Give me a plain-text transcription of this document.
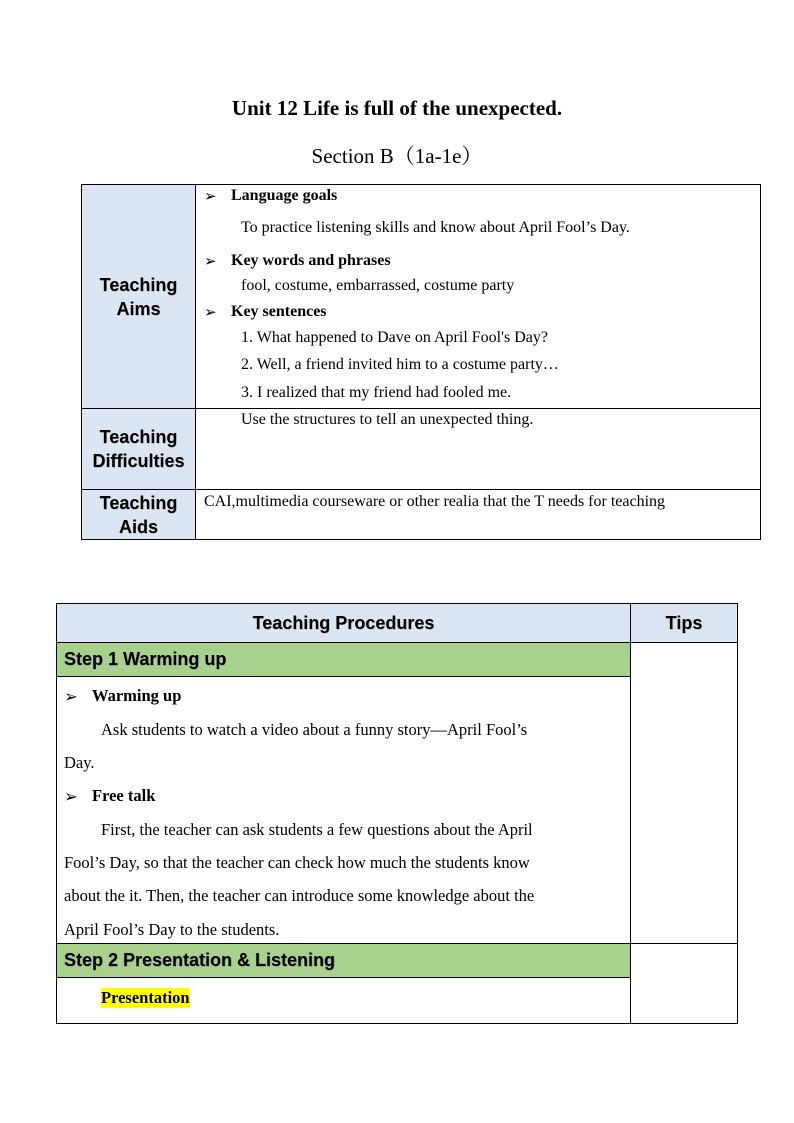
Unit 12 Life is full of the unexpected.
Section B（1a-1e）
Teaching
Aims
➢ Language goals
To practice listening skills and know about April Fool’s Day.
➢ Key words and phrases
fool, costume, embarrassed, costume party
➢ Key sentences
1. What happened to Dave on April Fool's Day?
2. Well, a friend invited him to a costume party…
3. I realized that my friend had fooled me.
Teaching
Difficulties
Use the structures to tell an unexpected thing.
Teaching
Aids
CAI,multimedia courseware or other realia that the T needs for teaching
Teaching Procedures	Tips
Step 1 Warming up
➢ Warming up
Ask students to watch a video about a funny story—April Fool’s
Day.
➢ Free talk
First, the teacher can ask students a few questions about the April
Fool’s Day, so that the teacher can check how much the students know
about the it. Then, the teacher can introduce some knowledge about the
April Fool’s Day to the students.
Step 2 Presentation & Listening
Presentation
